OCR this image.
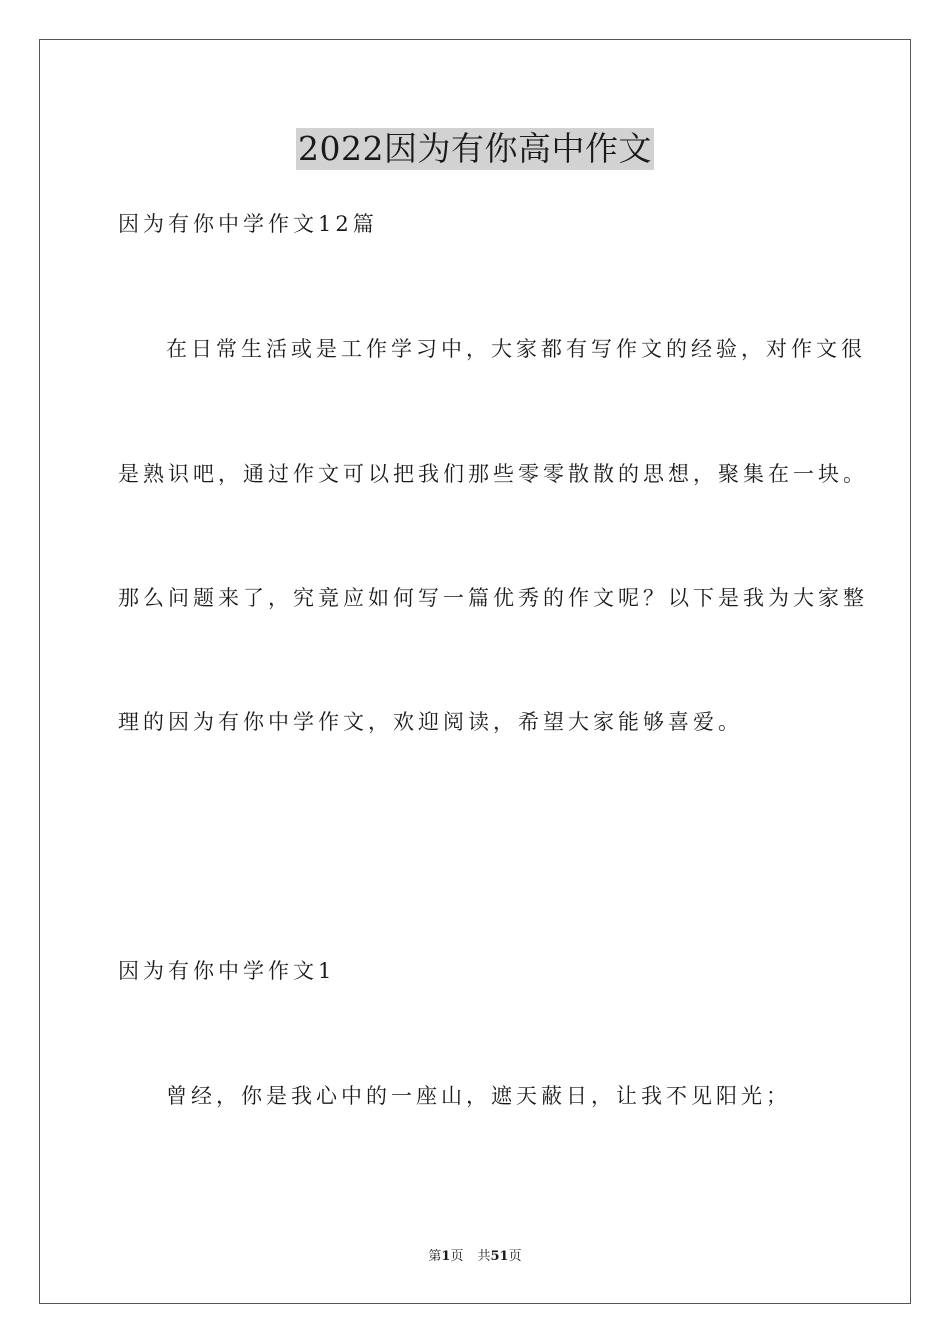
2022因为有你高中作文
因为有你中学作文12篇
在日常生活或是工作学习中，大家都有写作文的经验，对作文很
是熟识吧，通过作文可以把我们那些零零散散的思想，聚集在一块。
那么问题来了，究竟应如何写一篇优秀的作文呢？以下是我为大家整
理的因为有你中学作文，欢迎阅读，希望大家能够喜爱。
因为有你中学作文1
曾经，你是我心中的一座山，遮天蔽日，让我不见阳光；
第1页 共51页
